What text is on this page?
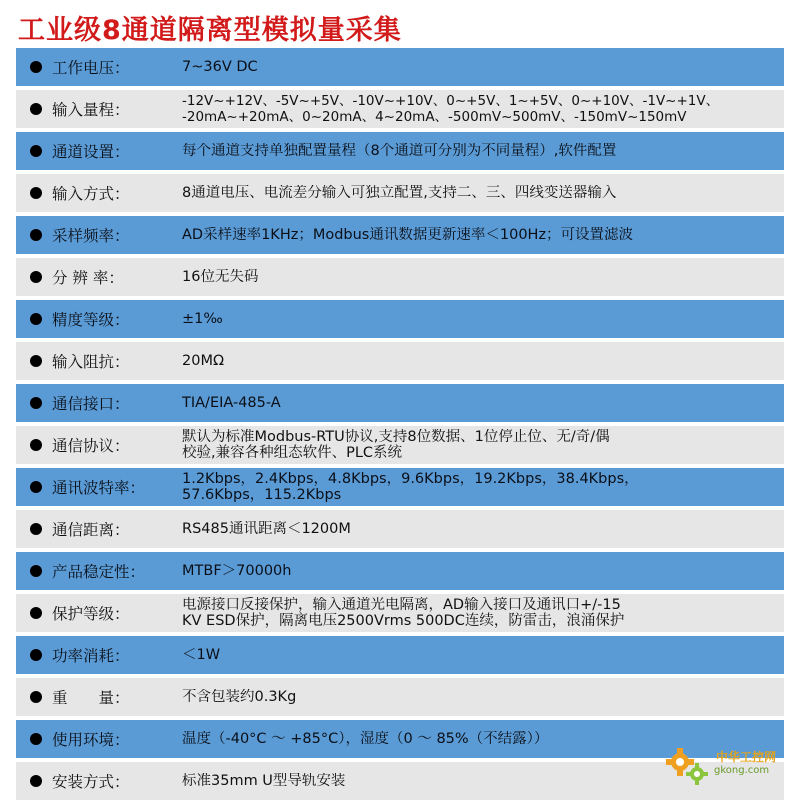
工业级8通道隔离型模拟量采集
工作电压：	7~36V DC
输入量程：	-12V~+12V、-5V~+5V、-10V~+10V、0~+5V、1~+5V、0~+10V、-1V~+1V、
-20mA~+20mA、0~20mA、4~20mA、-500mV~500mV、-150mV~150mV
通道设置：	每个通道支持单独配置量程（8个通道可分别为不同量程）,软件配置
输入方式：	8通道电压、电流差分输入可独立配置,支持二、三、四线变送器输入
采样频率：	AD采样速率1KHz；Modbus通讯数据更新速率＜100Hz；可设置滤波
分 辨 率：	16位无失码
精度等级：	±1‰
输入阻抗：	20MΩ
通信接口：	TIA/EIA-485-A
通信协议：	默认为标准Modbus-RTU协议,支持8位数据、1位停止位、无/奇/偶
校验,兼容各种组态软件、PLC系统
通讯波特率：	1.2Kbps，2.4Kbps，4.8Kbps，9.6Kbps，19.2Kbps，38.4Kbps，
57.6Kbps，115.2Kbps
通信距离：	RS485通讯距离＜1200M
产品稳定性：	MTBF＞70000h
保护等级：	电源接口反接保护，输入通道光电隔离，AD输入接口及通讯口+/-15
KV ESD保护，隔离电压2500Vrms 500DC连续，防雷击，浪涌保护
功率消耗：	＜1W
重　　量：	不含包装约0.3Kg
使用环境：	温度（-40°C ～ +85°C），湿度（0 ～ 85%（不结露））
安装方式：	标准35mm U型导轨安装
中华工控网
gkong.com
